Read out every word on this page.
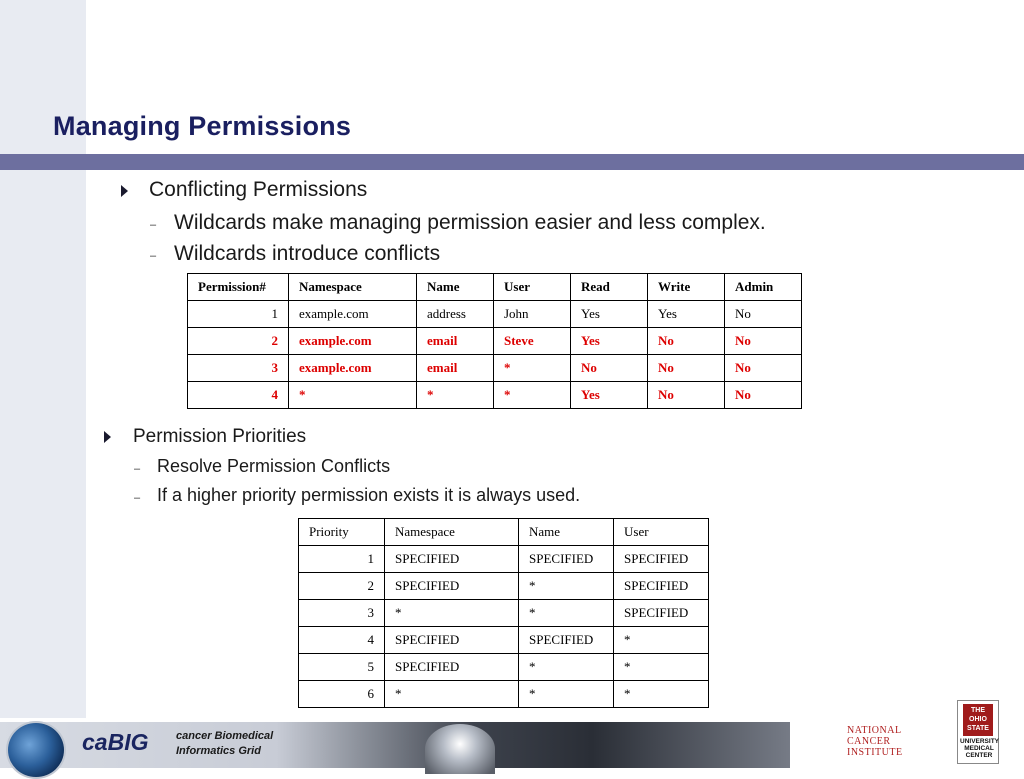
Managing Permissions
Conflicting Permissions
– Wildcards make managing permission easier and less complex.
– Wildcards introduce conflicts
Permission#	Namespace	Name	User	Read	Write	Admin
1	example.com	address	John	Yes	Yes	No
2	example.com	email	Steve	Yes	No	No
3	example.com	email	*	No	No	No
4	*	*	*	Yes	No	No
Permission Priorities
– Resolve Permission Conflicts
– If a higher priority permission exists it is always used.
Priority	Namespace	Name	User
1	SPECIFIED	SPECIFIED	SPECIFIED
2	SPECIFIED	*	SPECIFIED
3	*	*	SPECIFIED
4	SPECIFIED	SPECIFIED	*
5	SPECIFIED	*	*
6	*	*	*
caBIG	cancer Biomedical
Informatics Grid
NATIONAL
CANCER
INSTITUTE
THE OHIO STATE
UNIVERSITY
MEDICAL
CENTER
